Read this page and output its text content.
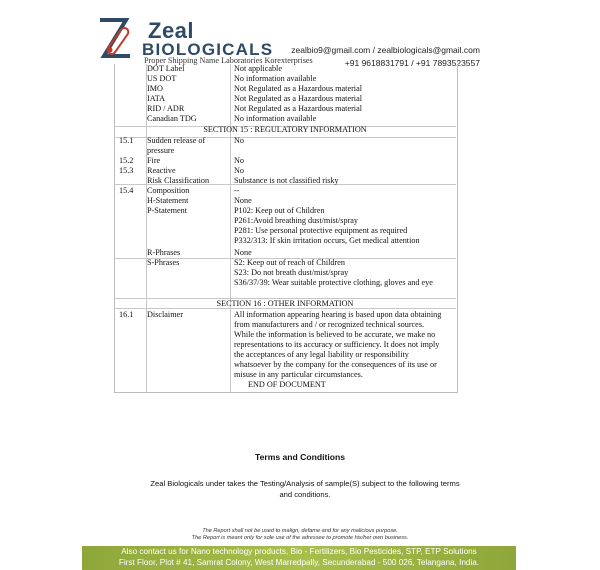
Zeal
BIOLOGICALS zealbio9@gmail.com / zealbiologicals@gmail.com
+91 9618831791 / +91 7893523557
Proper Shipping Name Laboratories Korexterprises
DOT Label	Not applicable
US DOT	No information available
IMO	Not Regulated as a Hazardous material
IATA	Not Regulated as a Hazardous material
RID / ADR	Not Regulated as a Hazardous material
Canadian TDG	No information available
SECTION 15 : REGULATORY INFORMATION
15.1 Sudden release of	No
pressure
15.2 Fire	No
15.3 Reactive	No
Risk Classification	Substance is not classified risky
15.4 Composition	--
H-Statement	None
P-Statement	P102: Keep out of Children
P261:Avoid breathing dust/mist/spray
P281: Use personal protective equipment as required
P332/313: If skin irritation occurs, Get medical attention
R-Phrases	None
S-Phrases	S2: Keep out of reach of Children
S23: Do not breath dust/mist/spray
S36/37/39: Wear suitable protective clothing, gloves and eye
SECTION 16 : OTHER INFORMATION
16.1 Disclaimer	All information appearing hearing is based upon data obtaining
from manufacturers and / or recognized technical sources.
While the information is believed to be accurate, we make no
representations to its accuracy or sufficiency. It does not imply
the acceptances of any legal liability or responsibility
whatsoever by the company for the consequences of its use or
misuse in any particular circumstances.
END OF DOCUMENT
Terms and Conditions
Zeal Biologicals under takes the Testing/Analysis of sample(S) subject to the following terms
and conditions.
The Report shall not be used to malign, defame and for any malicious purpose.
The Report is meant only for sole use of the adressee to promote his/her own business.
Also contact us for Nano technology products, Bio - Fertilizers, Bio Pesticides, STP, ETP Solutions
First Floor, Plot # 41, Samrat Colony, West Marredpally, Secunderabad - 500 026, Telangana, India.
